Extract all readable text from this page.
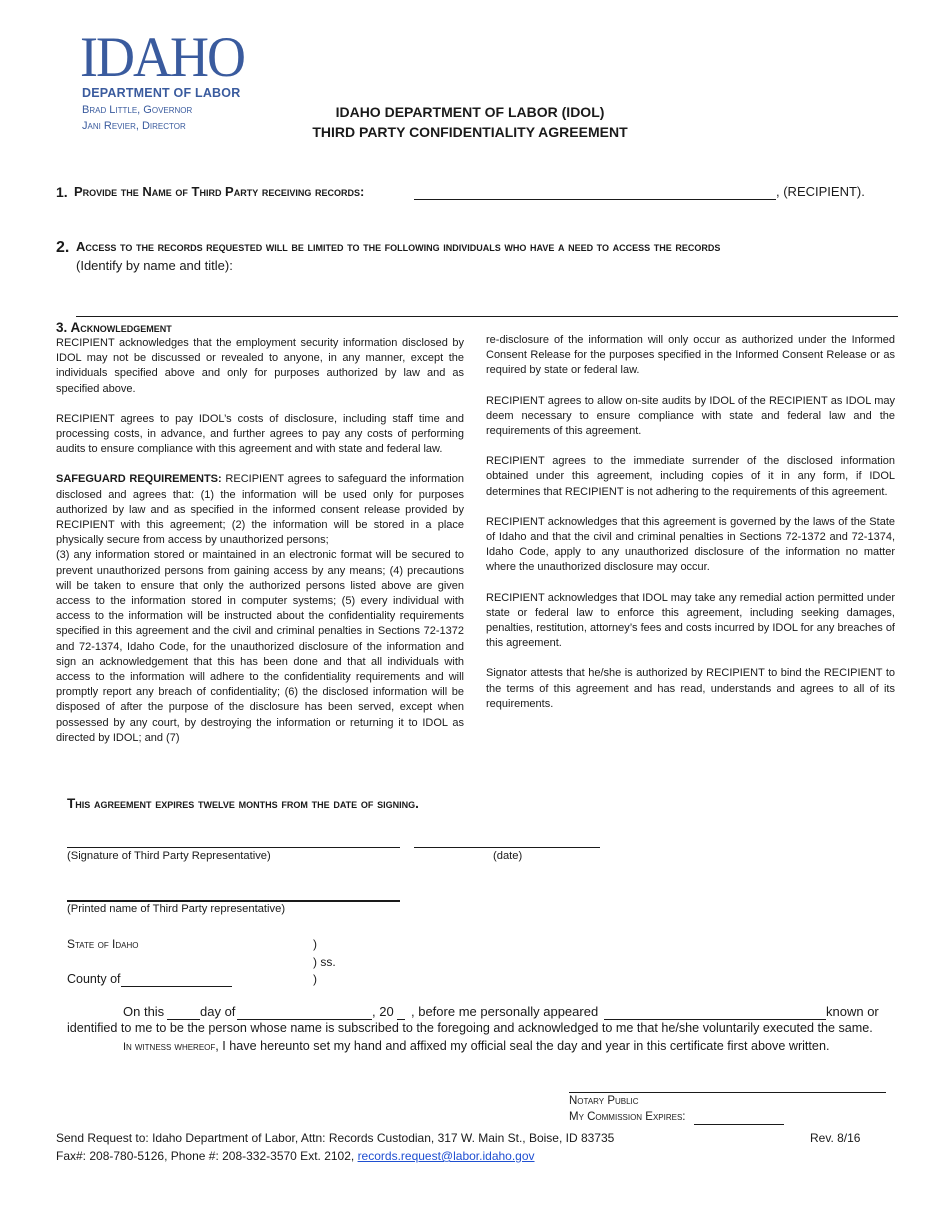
IDAHO
DEPARTMENT OF LABOR
Brad Little, Governor
Jani Revier, Director
IDAHO DEPARTMENT OF LABOR (IDOL)
THIRD PARTY CONFIDENTIALITY AGREEMENT
1. Provide the Name of Third Party receiving records:	, (RECIPIENT).
2. Access to the records requested will be limited to the following individuals who have a need to access the records
(Identify by name and title):
3. Acknowledgement

RECIPIENT acknowledges that the employment security information disclosed by IDOL may not be discussed or revealed to anyone, in any manner, except the individuals specified above and only for purposes authorized by law and as specified above.

RECIPIENT agrees to pay IDOL’s costs of disclosure, including staff time and processing costs, in advance, and further agrees to pay any costs of performing audits to ensure compliance with this agreement and with state and federal law.

SAFEGUARD REQUIREMENTS: RECIPIENT agrees to safeguard the information disclosed and agrees that: (1) the information will be used only for purposes authorized by law and as specified in the informed consent release provided by RECIPIENT with this agreement; (2) the information will be stored in a place physically secure from access by unauthorized persons;

(3) any information stored or maintained in an electronic format will be secured to prevent unauthorized persons from gaining access by any means; (4) precautions will be taken to ensure that only the authorized persons listed above are given access to the information stored in computer systems; (5) every individual with access to the information will be instructed about the confidentiality requirements specified in this agreement and the civil and criminal penalties in Sections 72-1372 and 72-1374, Idaho Code, for the unauthorized disclosure of the information and sign an acknowledgement that this has been done and that all individuals with access to the information will adhere to the confidentiality requirements and will promptly report any breach of confidentiality; (6) the disclosed information will be disposed of after the purpose of the disclosure has been served, except when possessed by any court, by destroying the information or returning it to IDOL as directed by IDOL; and (7)

re-disclosure of the information will only occur as authorized under the Informed Consent Release for the purposes specified in the Informed Consent Release or as required by state or federal law.

RECIPIENT agrees to allow on-site audits by IDOL of the RECIPIENT as IDOL may deem necessary to ensure compliance with state and federal law and the requirements of this agreement.

RECIPIENT agrees to the immediate surrender of the disclosed information obtained under this agreement, including copies of it in any form, if IDOL determines that RECIPIENT is not adhering to the requirements of this agreement.

RECIPIENT acknowledges that this agreement is governed by the laws of the State of Idaho and that the civil and criminal penalties in Sections 72-1372 and 72-1374, Idaho Code, apply to any unauthorized disclosure of the information no matter where the unauthorized disclosure may occur.

RECIPIENT acknowledges that IDOL may take any remedial action permitted under state or federal law to enforce this agreement, including seeking damages, penalties, restitution, attorney’s fees and costs incurred by IDOL for any breaches of this agreement.

Signator attests that he/she is authorized by RECIPIENT to bind the RECIPIENT to the terms of this agreement and has read, understands and agrees to all of its requirements.

This agreement expires twelve months from the date of signing.
(Signature of Third Party Representative)	(date)
(Printed name of Third Party representative)
State of Idaho	)
) ss.
)
County of
On this	day of	, 20 , before me personally appeared	known or
identified to me to be the person whose name is subscribed to the foregoing and acknowledged to me that he/she voluntarily executed the same.
In witness whereof, I have hereunto set my hand and affixed my official seal the day and year in this certificate first above written.
Notary Public
My Commission Expires:
Send Request to: Idaho Department of Labor, Attn: Records Custodian, 317 W. Main St., Boise, ID 83735	Rev. 8/16
Fax#: 208-780-5126, Phone #: 208-332-3570 Ext. 2102, records.request@labor.idaho.gov
